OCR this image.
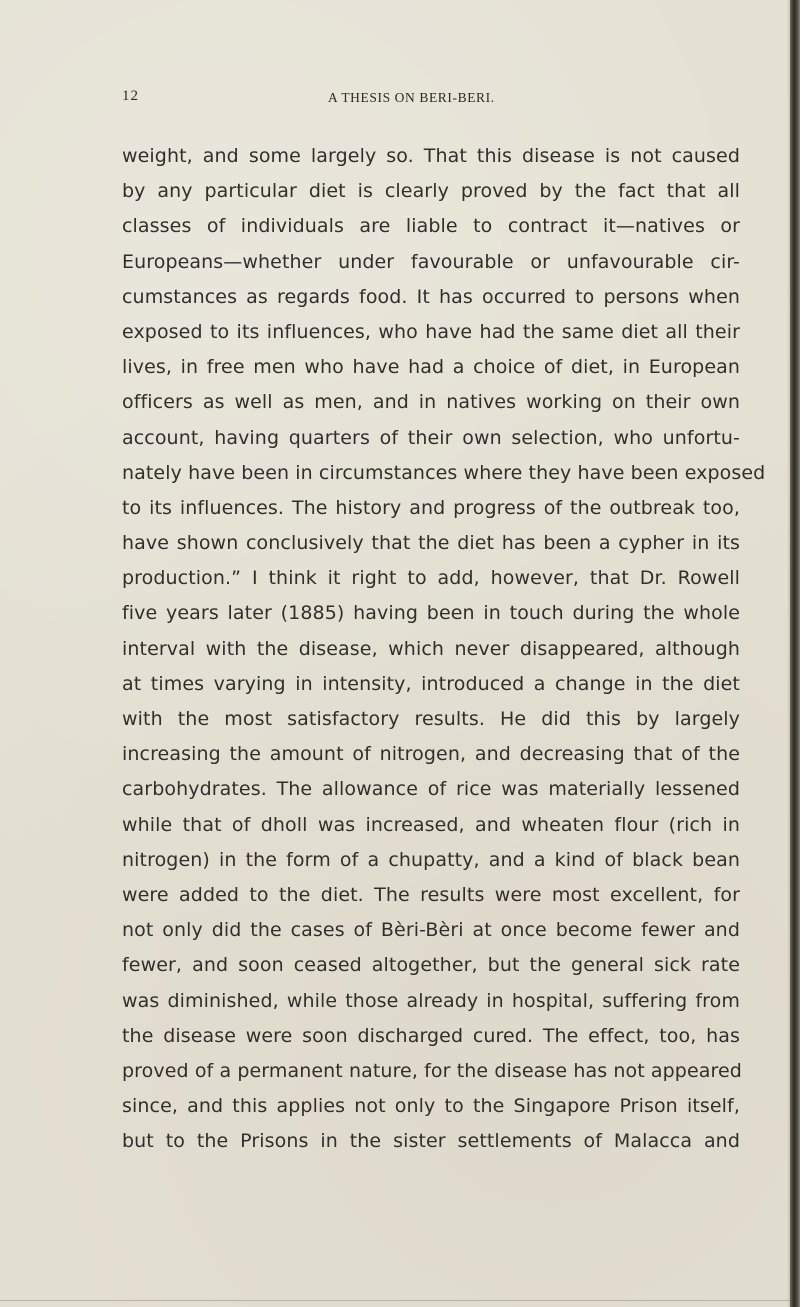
12	A THESIS ON BERI-BERI.
weight, and some largely so. That this disease is not caused
by any particular diet is clearly proved by the fact that all
classes of individuals are liable to contract it—natives or
Europeans—whether under favourable or unfavourable cir-
cumstances as regards food. It has occurred to persons when
exposed to its influences, who have had the same diet all their
lives, in free men who have had a choice of diet, in European
officers as well as men, and in natives working on their own
account, having quarters of their own selection, who unfortu-
nately have been in circumstances where they have been exposed
to its influences. The history and progress of the outbreak too,
have shown conclusively that the diet has been a cypher in its
production.” I think it right to add, however, that Dr. Rowell
five years later (1885) having been in touch during the whole
interval with the disease, which never disappeared, although
at times varying in intensity, introduced a change in the diet
with the most satisfactory results. He did this by largely
increasing the amount of nitrogen, and decreasing that of the
carbohydrates. The allowance of rice was materially lessened
while that of dholl was increased, and wheaten flour (rich in
nitrogen) in the form of a chupatty, and a kind of black bean
were added to the diet. The results were most excellent, for
not only did the cases of Bèri-Bèri at once become fewer and
fewer, and soon ceased altogether, but the general sick rate
was diminished, while those already in hospital, suffering from
the disease were soon discharged cured. The effect, too, has
proved of a permanent nature, for the disease has not appeared
since, and this applies not only to the Singapore Prison itself,
but to the Prisons in the sister settlements of Malacca and
